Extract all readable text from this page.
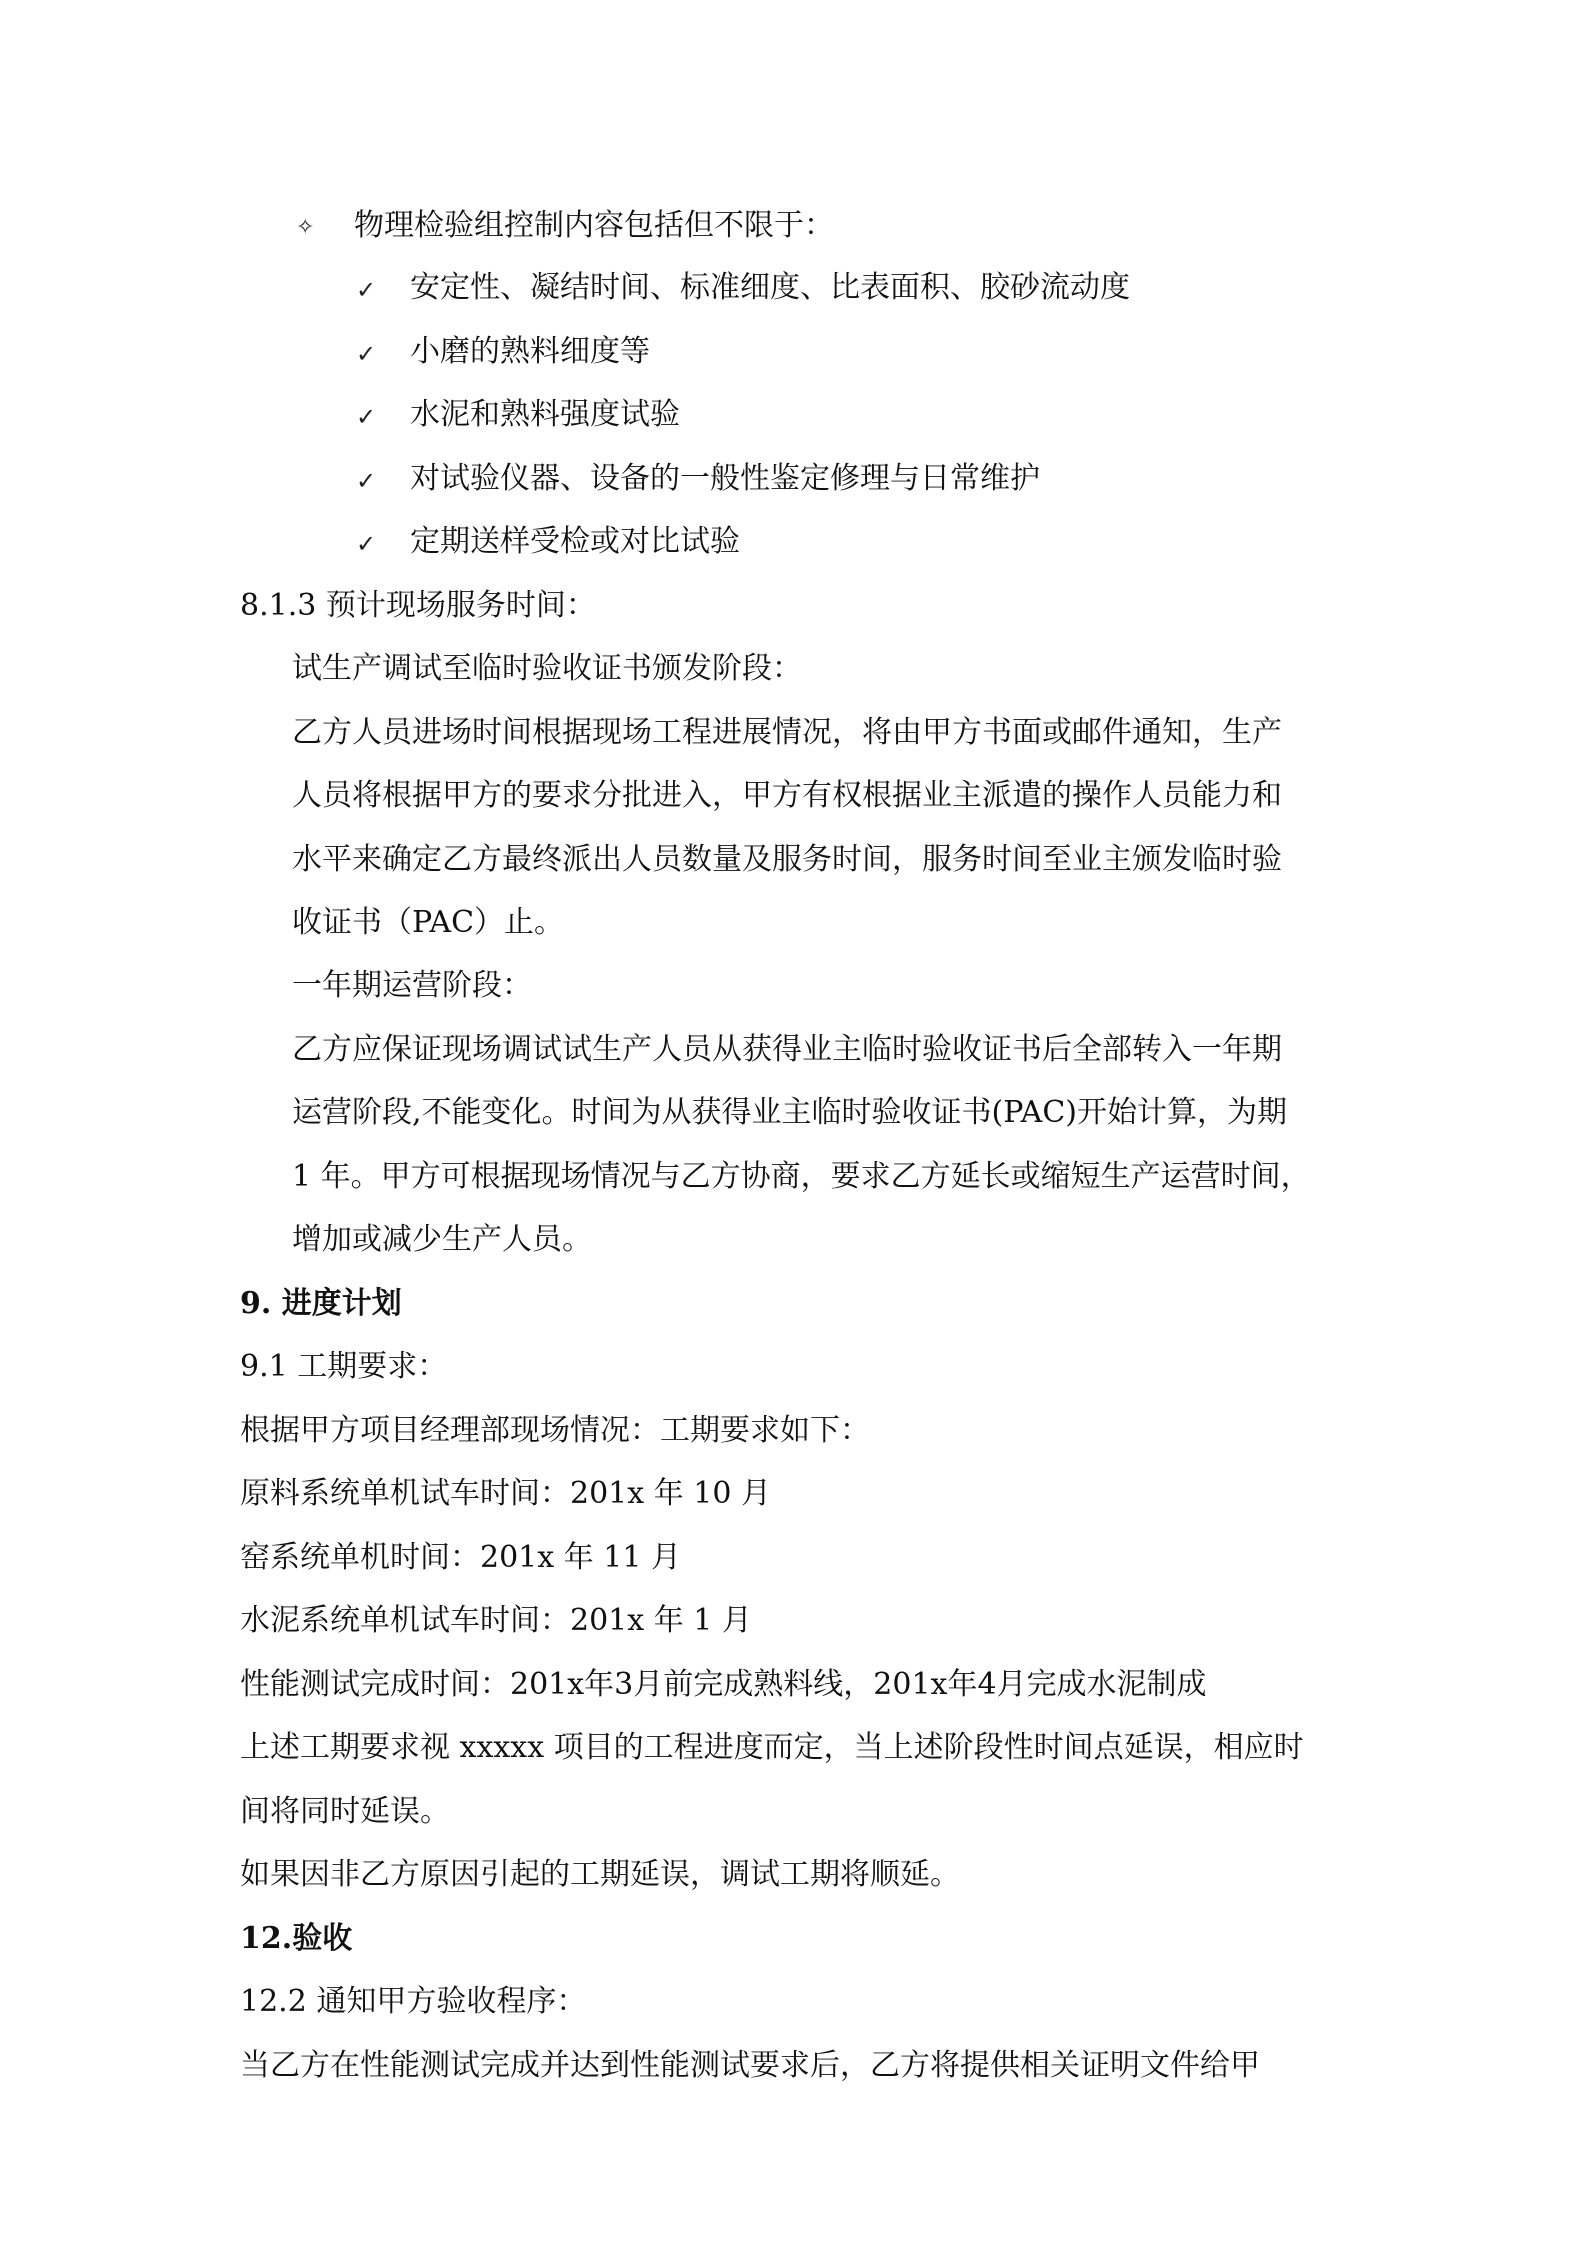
✧ 物理检验组控制内容包括但不限于：
✓ 安定性、凝结时间、标准细度、比表面积、胶砂流动度
✓ 小磨的熟料细度等
✓ 水泥和熟料强度试验
✓ 对试验仪器、设备的一般性鉴定修理与日常维护
✓ 定期送样受检或对比试验
8.1.3 预计现场服务时间：
试生产调试至临时验收证书颁发阶段：
乙方人员进场时间根据现场工程进展情况，将由甲方书面或邮件通知，生产
人员将根据甲方的要求分批进入，甲方有权根据业主派遣的操作人员能力和
水平来确定乙方最终派出人员数量及服务时间，服务时间至业主颁发临时验
收证书（PAC）止。
一年期运营阶段：
乙方应保证现场调试试生产人员从获得业主临时验收证书后全部转入一年期
运营阶段,不能变化。时间为从获得业主临时验收证书(PAC)开始计算，为期
1 年。甲方可根据现场情况与乙方协商，要求乙方延长或缩短生产运营时间，
增加或减少生产人员。
9. 进度计划
9.1 工期要求：
根据甲方项目经理部现场情况：工期要求如下：
原料系统单机试车时间：201x 年 10 月
窑系统单机时间：201x 年 11 月
水泥系统单机试车时间：201x 年 1 月
性能测试完成时间：201x年3月前完成熟料线，201x年4月完成水泥制成
上述工期要求视 xxxxx 项目的工程进度而定，当上述阶段性时间点延误，相应时
间将同时延误。
如果因非乙方原因引起的工期延误，调试工期将顺延。
12.验收
12.2 通知甲方验收程序：
当乙方在性能测试完成并达到性能测试要求后，乙方将提供相关证明文件给甲
